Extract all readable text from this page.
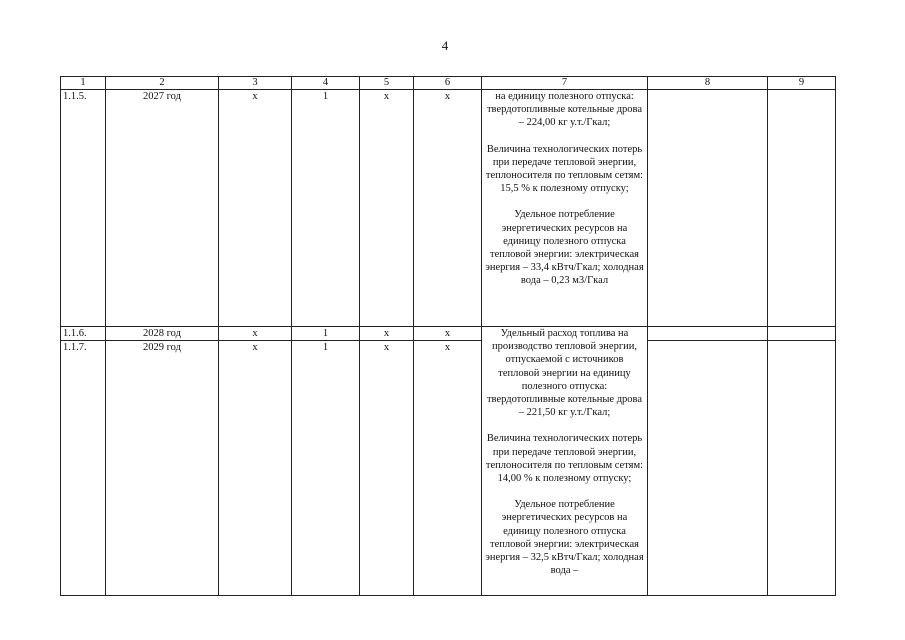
4
1	2	3	4	5	6	7	8	9
1.1.5.	2027 год	х	1	х	х	на единицу полезного отпуска: твердотопливные котельные дрова – 224,00 кг у.т./Гкал;
Величина технологических потерь при передаче тепловой энергии, теплоносителя по тепловым сетям: 15,5 % к полезному отпуску;
Удельное потребление энергетических ресурсов на единицу полезного отпуска тепловой энергии: электрическая энергия – 33,4 кВтч/Гкал; холодная вода – 0,23 м3/Гкал		

1.1.6.	2028 год	х	1	х	х	Удельный расход топлива на производство тепловой энергии, отпускаемой с источников тепловой энергии на единицу полезного отпуска: твердотопливные котельные дрова – 221,50 кг у.т./Гкал;
Величина технологических потерь при передаче тепловой энергии, теплоносителя по тепловым сетям: 14,00 % к полезному отпуску;
Удельное потребление энергетических ресурсов на единицу полезного отпуска тепловой энергии: электрическая энергия – 32,5 кВтч/Гкал; холодная вода –		

1.1.7.	2029 год	х	1	х	х			
